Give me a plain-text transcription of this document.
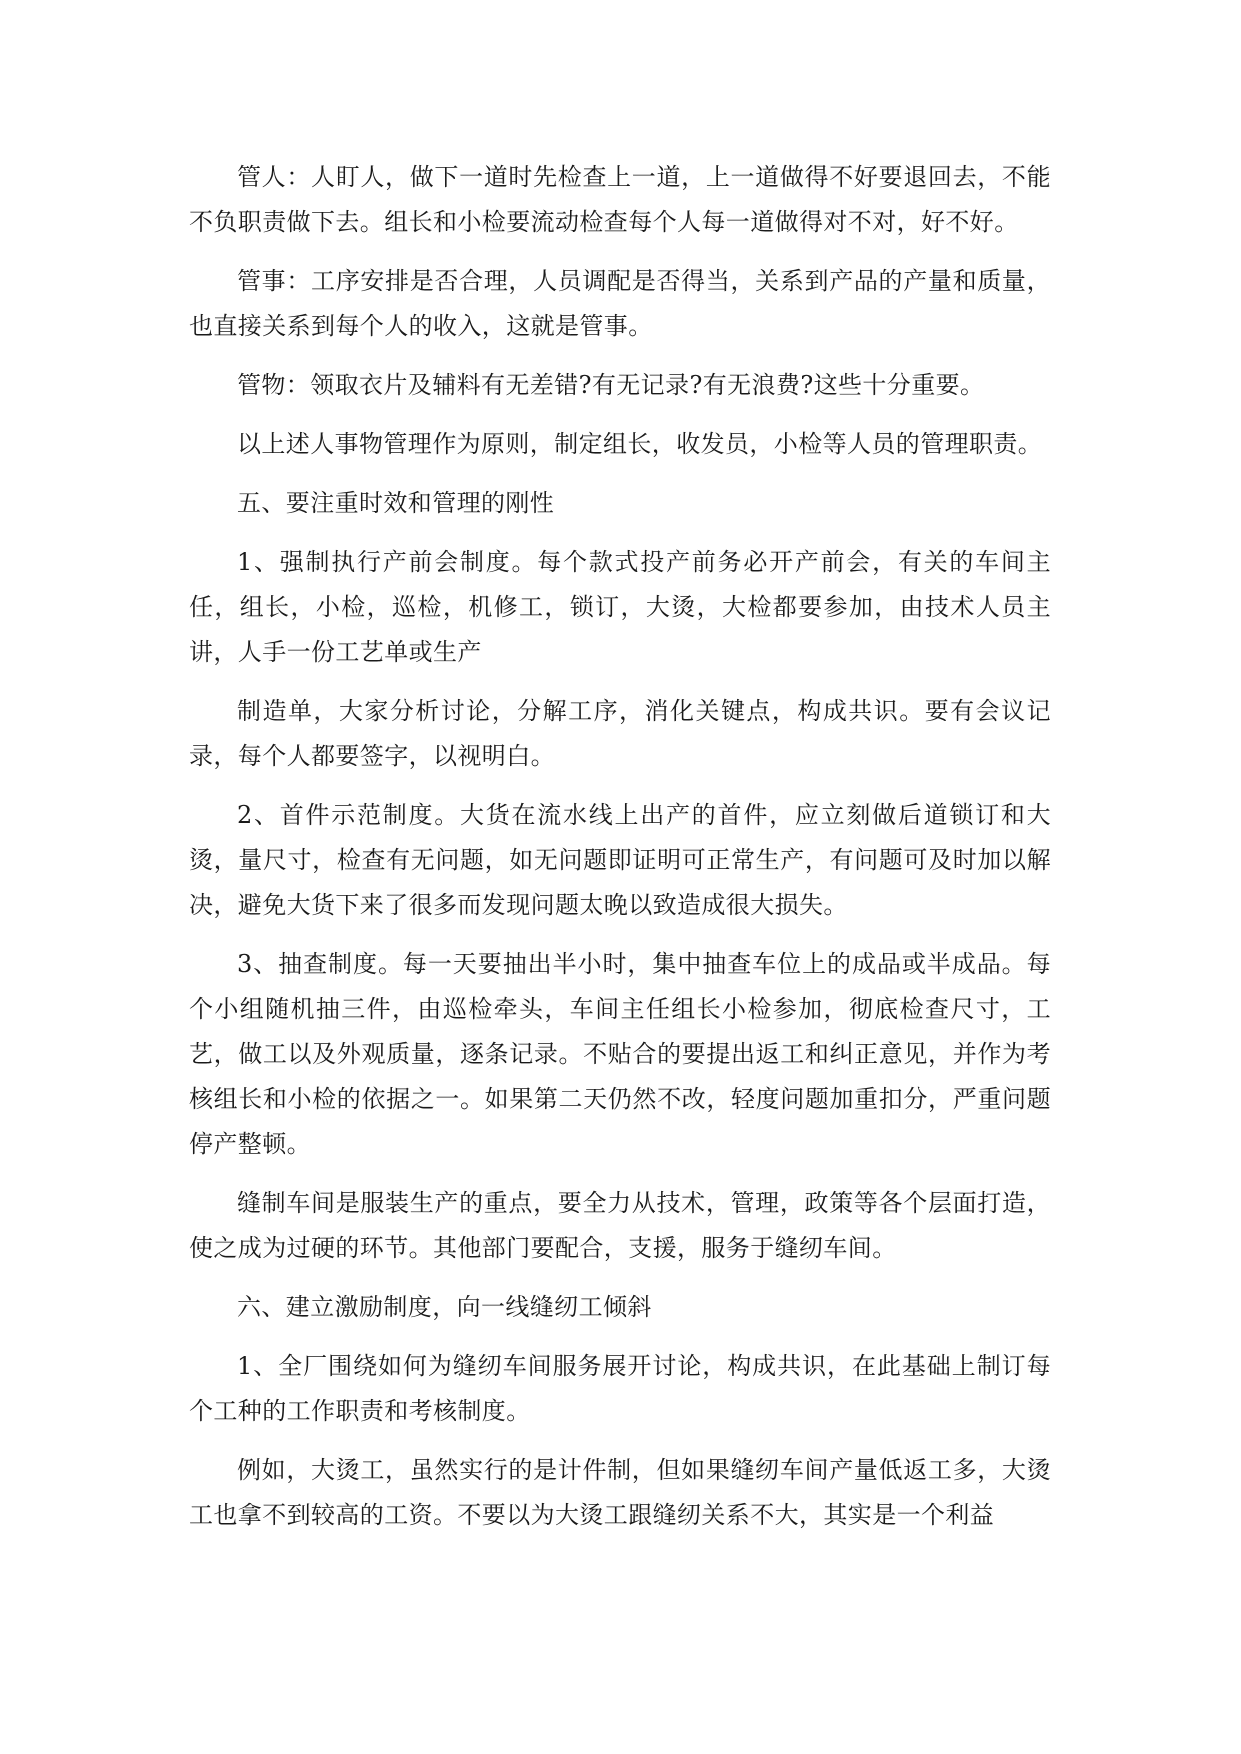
管人：人盯人，做下一道时先检查上一道，上一道做得不好要退回去，不能不负职责做下去。组长和小检要流动检查每个人每一道做得对不对，好不好。

管事：工序安排是否合理，人员调配是否得当，关系到产品的产量和质量，也直接关系到每个人的收入，这就是管事。

管物：领取衣片及辅料有无差错?有无记录?有无浪费?这些十分重要。

以上述人事物管理作为原则，制定组长，收发员，小检等人员的管理职责。

五、要注重时效和管理的刚性

1、强制执行产前会制度。每个款式投产前务必开产前会，有关的车间主任，组长，小检，巡检，机修工，锁订，大烫，大检都要参加，由技术人员主讲，人手一份工艺单或生产

制造单，大家分析讨论，分解工序，消化关键点，构成共识。要有会议记录，每个人都要签字，以视明白。

2、首件示范制度。大货在流水线上出产的首件，应立刻做后道锁订和大烫，量尺寸，检查有无问题，如无问题即证明可正常生产，有问题可及时加以解决，避免大货下来了很多而发现问题太晚以致造成很大损失。

3、抽查制度。每一天要抽出半小时，集中抽查车位上的成品或半成品。每个小组随机抽三件，由巡检牵头，车间主任组长小检参加，彻底检查尺寸，工艺，做工以及外观质量，逐条记录。不贴合的要提出返工和纠正意见，并作为考核组长和小检的依据之一。如果第二天仍然不改，轻度问题加重扣分，严重问题停产整顿。

缝制车间是服装生产的重点，要全力从技术，管理，政策等各个层面打造，使之成为过硬的环节。其他部门要配合，支援，服务于缝纫车间。

六、建立激励制度，向一线缝纫工倾斜

1、全厂围绕如何为缝纫车间服务展开讨论，构成共识，在此基础上制订每个工种的工作职责和考核制度。

例如，大烫工，虽然实行的是计件制，但如果缝纫车间产量低返工多，大烫工也拿不到较高的工资。不要以为大烫工跟缝纫关系不大，其实是一个利益
